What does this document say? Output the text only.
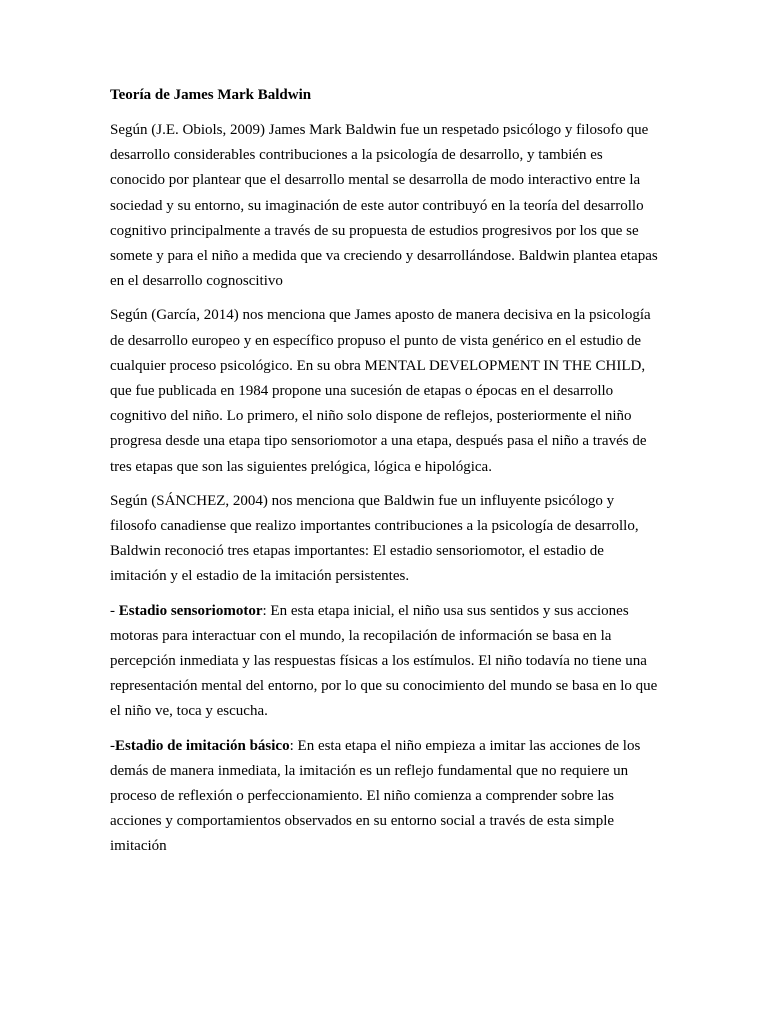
Teoría de James Mark Baldwin

Según (J.E. Obiols, 2009) James Mark Baldwin fue un respetado psicólogo y filosofo que desarrollo considerables contribuciones a la psicología de desarrollo, y también es conocido por plantear que el desarrollo mental se desarrolla de modo interactivo entre la sociedad y su entorno, su imaginación de este autor contribuyó en la teoría del desarrollo cognitivo principalmente a través de su propuesta de estudios progresivos por los que se somete y para el niño a medida que va creciendo y desarrollándose. Baldwin plantea etapas en el desarrollo cognoscitivo

Según (García, 2014) nos menciona que James aposto de manera decisiva en la psicología de desarrollo europeo y en específico propuso el punto de vista genérico en el estudio de cualquier proceso psicológico. En su obra MENTAL DEVELOPMENT IN THE CHILD, que fue publicada en 1984 propone una sucesión de etapas o épocas en el desarrollo cognitivo del niño. Lo primero, el niño solo dispone de reflejos, posteriormente el niño progresa desde una etapa tipo sensoriomotor a una etapa, después pasa el niño a través de tres etapas que son las siguientes prelógica, lógica e hipológica.

Según (SÁNCHEZ, 2004) nos menciona que Baldwin fue un influyente psicólogo y filosofo canadiense que realizo importantes contribuciones a la psicología de desarrollo, Baldwin reconoció tres etapas importantes: El estadio sensoriomotor, el estadio de imitación y el estadio de la imitación persistentes.

- Estadio sensoriomotor: En esta etapa inicial, el niño usa sus sentidos y sus acciones motoras para interactuar con el mundo, la recopilación de información se basa en la percepción inmediata y las respuestas físicas a los estímulos. El niño todavía no tiene una representación mental del entorno, por lo que su conocimiento del mundo se basa en lo que el niño ve, toca y escucha.

-Estadio de imitación básico: En esta etapa el niño empieza a imitar las acciones de los demás de manera inmediata, la imitación es un reflejo fundamental que no requiere un proceso de reflexión o perfeccionamiento. El niño comienza a comprender sobre las acciones y comportamientos observados en su entorno social a través de esta simple imitación
